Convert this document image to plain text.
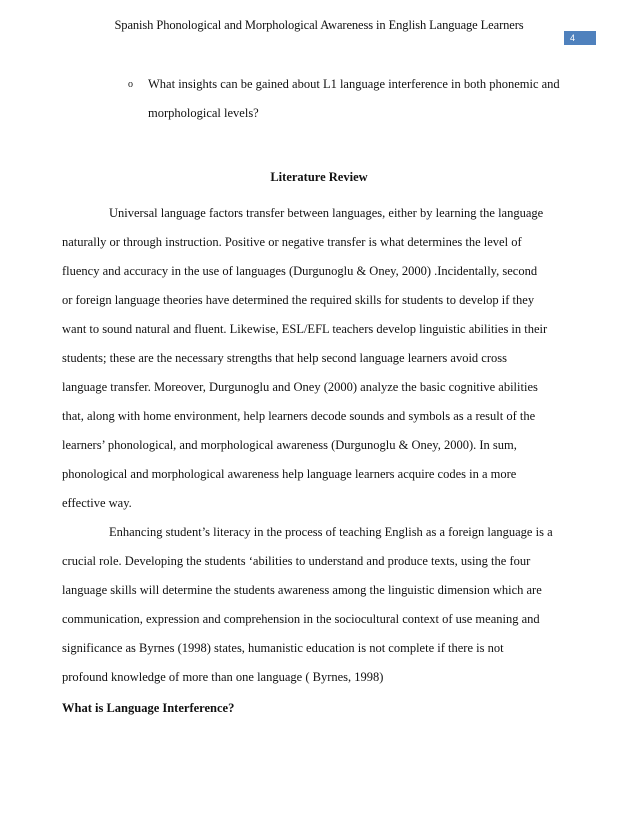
Spanish Phonological and Morphological Awareness in English Language Learners
4
o What insights can be gained about L1 language interference in both phonemic and
morphological levels?
Literature Review
Universal language factors transfer between languages, either by learning the language
naturally or through instruction. Positive or negative transfer is what determines the level of
fluency and accuracy in the use of languages (Durgunoglu & Oney, 2000) .Incidentally, second
or foreign language theories have determined the required skills for students to develop if they
want to sound natural and fluent. Likewise, ESL/EFL teachers develop linguistic abilities in their
students; these are the necessary strengths that help second language learners avoid cross
language transfer. Moreover, Durgunoglu and Oney (2000) analyze the basic cognitive abilities
that, along with home environment, help learners decode sounds and symbols as a result of the
learners’ phonological, and morphological awareness (Durgunoglu & Oney, 2000). In sum,
phonological and morphological awareness help language learners acquire codes in a more
effective way.
Enhancing student’s literacy in the process of teaching English as a foreign language is a
crucial role. Developing the students ‘abilities to understand and produce texts, using the four
language skills will determine the students awareness among the linguistic dimension which are
communication, expression and comprehension in the sociocultural context of use meaning and
significance as Byrnes (1998) states, humanistic education is not complete if there is not
profound knowledge of more than one language ( Byrnes, 1998)
What is Language Interference?
